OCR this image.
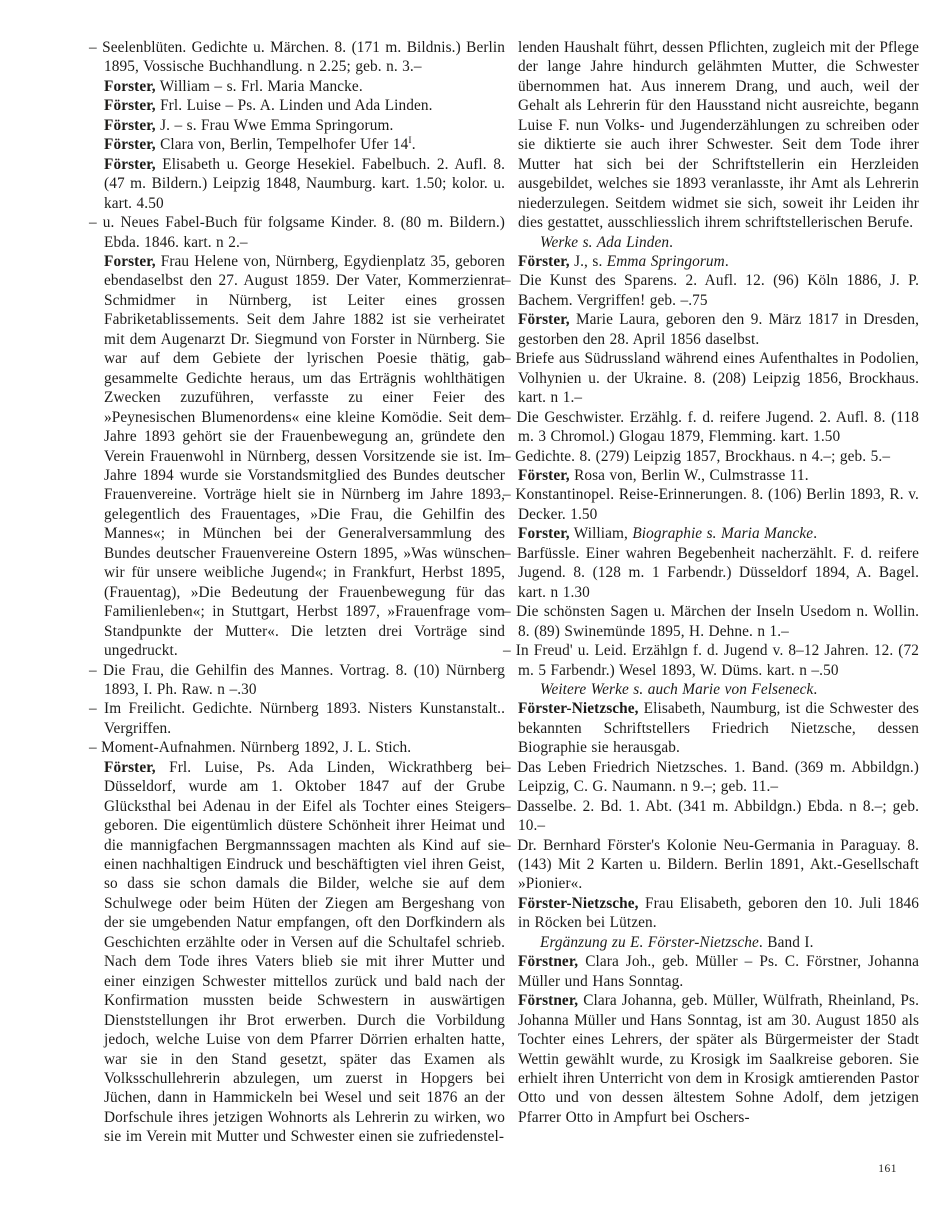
– Seelenblüten. Gedichte u. Märchen. 8. (171 m. Bildnis.) Berlin 1895, Vossische Buchhandlung. n 2.25; geb. n. 3.–

Forster, William – s. Frl. Maria Mancke.

Förster, Frl. Luise – Ps. A. Linden und Ada Linden.

Förster, J. – s. Frau Wwe Emma Springorum.

Förster, Clara von, Berlin, Tempelhofer Ufer $14^I$.

Förster, Elisabeth u. George Hesekiel. Fabelbuch. 2. Aufl. 8. (47 m. Bildern.) Leipzig 1848, Naumburg. kart. 1.50; kolor. u. kart. 4.50

– u. Neues Fabel-Buch für folgsame Kinder. 8. (80 m. Bildern.) Ebda. 1846. kart. n 2.–

Forster, Frau Helene von, Nürnberg, Egydienplatz 35, geboren ebendaselbst den 27. August 1859. Der Vater, Kommerzienrat Schmidmer in Nürnberg, ist Leiter eines grossen Fabriketablissements. Seit dem Jahre 1882 ist sie verheiratet mit dem Augenarzt Dr. Siegmund von Forster in Nürnberg. Sie war auf dem Gebiete der lyrischen Poesie thätig, gab gesammelte Gedichte heraus, um das Erträgnis wohlthätigen Zwecken zuzuführen, verfasste zu einer Feier des »Peynesischen Blumenordens« eine kleine Komödie. Seit dem Jahre 1893 gehört sie der Frauenbewegung an, gründete den Verein Frauenwohl in Nürnberg, dessen Vorsitzende sie ist. Im Jahre 1894 wurde sie Vorstandsmitglied des Bundes deutscher Frauenvereine. Vorträge hielt sie in Nürnberg im Jahre 1893, gelegentlich des Frauentages, »Die Frau, die Gehilfin des Mannes«; in München bei der Generalversammlung des Bundes deutscher Frauenvereine Ostern 1895, »Was wünschen wir für unsere weibliche Jugend«; in Frankfurt, Herbst 1895, (Frauentag), »Die Bedeutung der Frauenbewegung für das Familienleben«; in Stuttgart, Herbst 1897, »Frauenfrage vom Standpunkte der Mutter«. Die letzten drei Vorträge sind ungedruckt.

– Die Frau, die Gehilfin des Mannes. Vortrag. 8. (10) Nürnberg 1893, I. Ph. Raw. n –.30

– Im Freilicht. Gedichte. Nürnberg 1893. Nisters Kunstanstalt.. Vergriffen.

– Moment-Aufnahmen. Nürnberg 1892, J. L. Stich.

Förster, Frl. Luise, Ps. Ada Linden, Wickrathberg bei Düsseldorf, wurde am 1. Oktober 1847 auf der Grube Glücksthal bei Adenau in der Eifel als Tochter eines Steigers geboren. Die eigentümlich düstere Schönheit ihrer Heimat und die mannigfachen Bergmannssagen machten als Kind auf sie einen nachhaltigen Eindruck und beschäftigten viel ihren Geist, so dass sie schon damals die Bilder, welche sie auf dem Schulwege oder beim Hüten der Ziegen am Bergeshang von der sie umgebenden Natur empfangen, oft den Dorfkindern als Geschichten erzählte oder in Versen auf die Schultafel schrieb. Nach dem Tode ihres Vaters blieb sie mit ihrer Mutter und einer einzigen Schwester mittellos zurück und bald nach der Konfirmation mussten beide Schwestern in auswärtigen Dienststellungen ihr Brot erwerben. Durch die Vorbildung jedoch, welche Luise von dem Pfarrer Dörrien erhalten hatte, war sie in den Stand gesetzt, später das Examen als Volksschullehrerin abzulegen, um zuerst in Hopgers bei Jüchen, dann in Hammickeln bei Wesel und seit 1876 an der Dorfschule ihres jetzigen Wohnorts als Lehrerin zu wirken, wo sie im Verein mit Mutter und Schwester einen sie zufriedenstel-

lenden Haushalt führt, dessen Pflichten, zugleich mit der Pflege der lange Jahre hindurch gelähmten Mutter, die Schwester übernommen hat. Aus innerem Drang, und auch, weil der Gehalt als Lehrerin für den Hausstand nicht ausreichte, begann Luise F. nun Volks- und Jugenderzählungen zu schreiben oder sie diktierte sie auch ihrer Schwester. Seit dem Tode ihrer Mutter hat sich bei der Schriftstellerin ein Herzleiden ausgebildet, welches sie 1893 veranlasste, ihr Amt als Lehrerin niederzulegen. Seitdem widmet sie sich, soweit ihr Leiden ihr dies gestattet, ausschliesslich ihrem schriftstellerischen Berufe.

Werke s. Ada Linden.

Förster, J., s. Emma Springorum.

– Die Kunst des Sparens. 2. Aufl. 12. (96) Köln 1886, J. P. Bachem. Vergriffen! geb. –.75

Förster, Marie Laura, geboren den 9. März 1817 in Dresden, gestorben den 28. April 1856 daselbst.

– Briefe aus Südrussland während eines Aufenthaltes in Podolien, Volhynien u. der Ukraine. 8. (208) Leipzig 1856, Brockhaus. kart. n 1.–

– Die Geschwister. Erzählg. f. d. reifere Jugend. 2. Aufl. 8. (118 m. 3 Chromol.) Glogau 1879, Flemming. kart. 1.50

– Gedichte. 8. (279) Leipzig 1857, Brockhaus. n 4.–; geb. 5.–

Förster, Rosa von, Berlin W., Culmstrasse 11.

– Konstantinopel. Reise-Erinnerungen. 8. (106) Berlin 1893, R. v. Decker. 1.50

Forster, William, Biographie s. Maria Mancke.

– Barfüssle. Einer wahren Begebenheit nacherzählt. F. d. reifere Jugend. 8. (128 m. 1 Farbendr.) Düsseldorf 1894, A. Bagel. kart. n 1.30

– Die schönsten Sagen u. Märchen der Inseln Usedom n. Wollin. 8. (89) Swinemünde 1895, H. Dehne. n 1.–

– In Freud' u. Leid. Erzählgn f. d. Jugend v. 8–12 Jahren. 12. (72 m. 5 Farbendr.) Wesel 1893, W. Düms. kart. n –.50

Weitere Werke s. auch Marie von Felseneck.

Förster-Nietzsche, Elisabeth, Naumburg, ist die Schwester des bekannten Schriftstellers Friedrich Nietzsche, dessen Biographie sie herausgab.

– Das Leben Friedrich Nietzsches. 1. Band. (369 m. Abbildgn.) Leipzig, C. G. Naumann. n 9.–; geb. 11.–

– Dasselbe. 2. Bd. 1. Abt. (341 m. Abbildgn.) Ebda. n 8.–; geb. 10.–

– Dr. Bernhard Förster's Kolonie Neu-Germania in Paraguay. 8. (143) Mit 2 Karten u. Bildern. Berlin 1891, Akt.-Gesellschaft »Pionier«.

Förster-Nietzsche, Frau Elisabeth, geboren den 10. Juli 1846 in Röcken bei Lützen.

Ergänzung zu E. Förster-Nietzsche. Band I.

Förstner, Clara Joh., geb. Müller – Ps. C. Förstner, Johanna Müller und Hans Sonntag.

Förstner, Clara Johanna, geb. Müller, Wülfrath, Rheinland, Ps. Johanna Müller und Hans Sonntag, ist am 30. August 1850 als Tochter eines Lehrers, der später als Bürgermeister der Stadt Wettin gewählt wurde, zu Krosigk im Saalkreise geboren. Sie erhielt ihren Unterricht von dem in Krosigk amtierenden Pastor Otto und von dessen ältestem Sohne Adolf, dem jetzigen Pfarrer Otto in Ampfurt bei Oschers-

161
